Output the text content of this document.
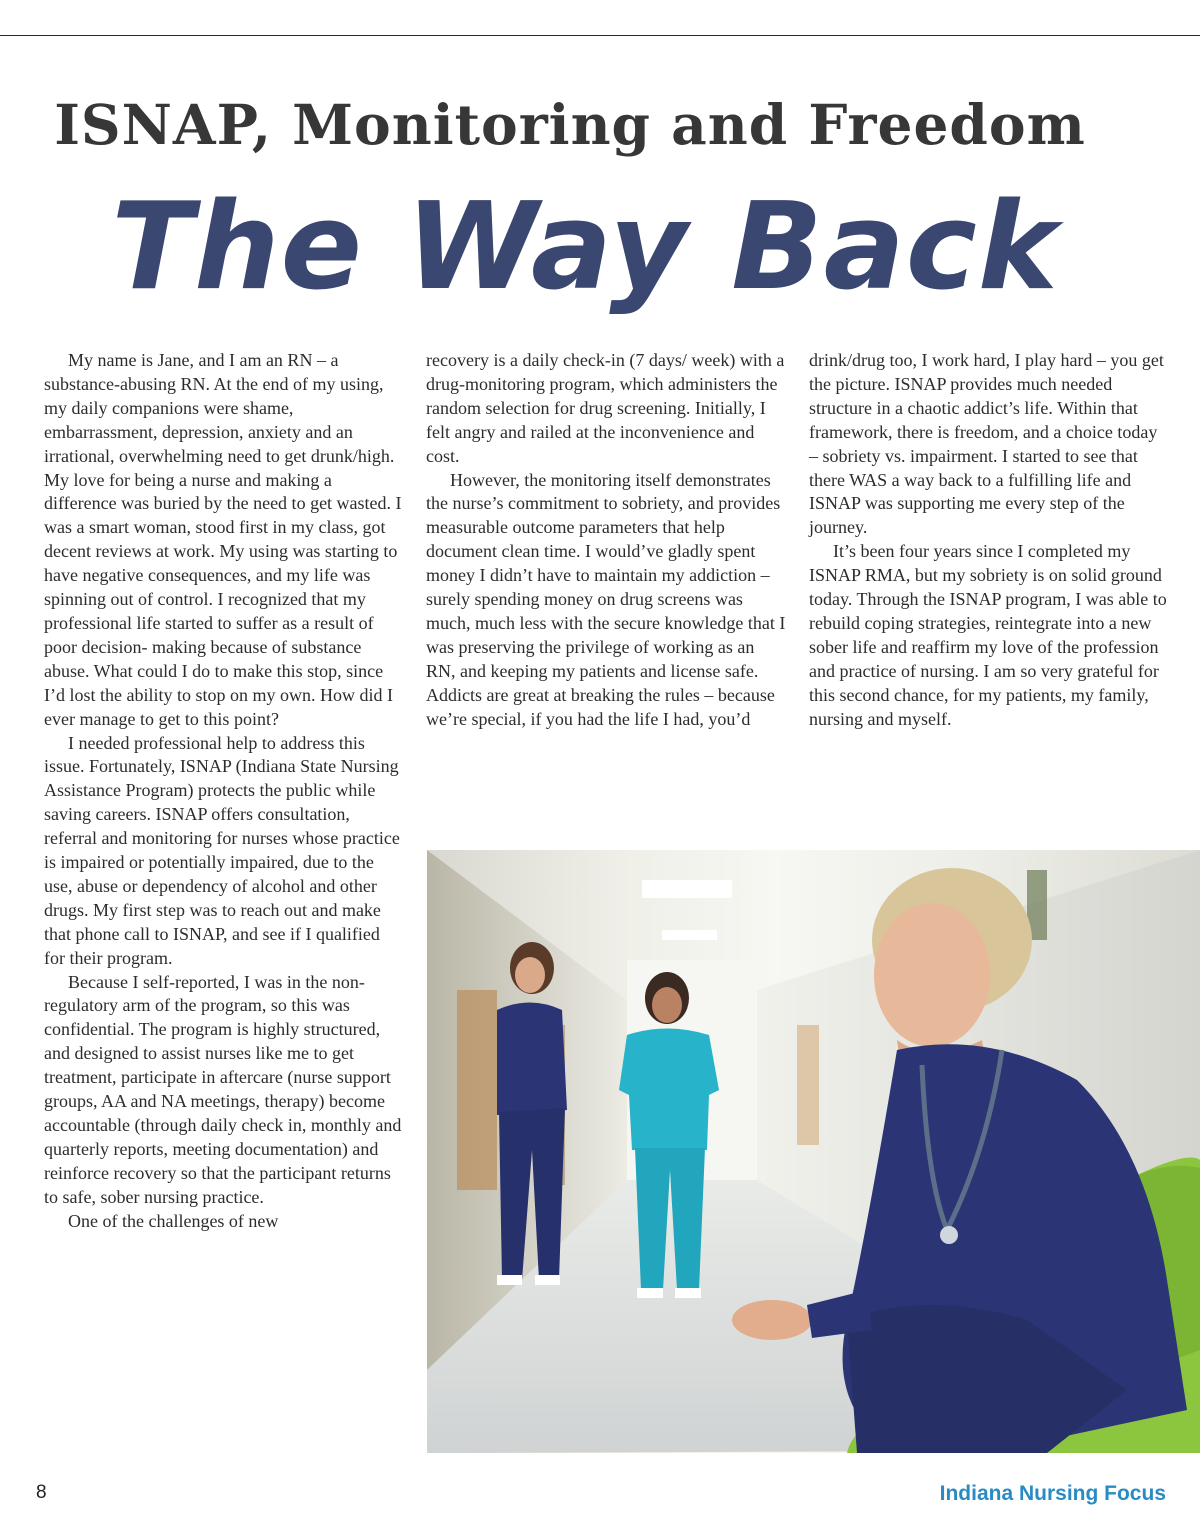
ISNAP, Monitoring and Freedom
The Way Back

My name is Jane, and I am an RN – a substance-abusing RN. At the end of my using, my daily companions were shame, embarrassment, depression, anxiety and an irrational, overwhelming need to get drunk/high. My love for being a nurse and making a difference was buried by the need to get wasted. I was a smart woman, stood first in my class, got decent reviews at work. My using was starting to have negative consequences, and my life was spinning out of control. I recognized that my professional life started to suffer as a result of poor decision- making because of substance abuse. What could I do to make this stop, since I’d lost the ability to stop on my own. How did I ever manage to get to this point?

I needed professional help to address this issue. Fortunately, ISNAP (Indiana State Nursing Assistance Program) protects the public while saving careers. ISNAP offers consultation, referral and monitoring for nurses whose practice is impaired or potentially impaired, due to the use, abuse or dependency of alcohol and other drugs. My first step was to reach out and make that phone call to ISNAP, and see if I qualified for their program.

Because I self-reported, I was in the non-regulatory arm of the program, so this was confidential. The program is highly structured, and designed to assist nurses like me to get treatment, participate in aftercare (nurse support groups, AA and NA meetings, therapy) become accountable (through daily check in, monthly and quarterly reports, meeting documentation) and reinforce recovery so that the participant returns to safe, sober nursing practice.

One of the challenges of new

recovery is a daily check-in (7 days/ week) with a drug-monitoring program, which administers the random selection for drug screening. Initially, I felt angry and railed at the inconvenience and cost.

However, the monitoring itself demonstrates the nurse’s commitment to sobriety, and provides measurable outcome parameters that help document clean time. I would’ve gladly spent money I didn’t have to maintain my addiction – surely spending money on drug screens was much, much less with the secure knowledge that I was preserving the privilege of working as an RN, and keeping my patients and license safe. Addicts are great at breaking the rules – because we’re special, if you had the life I had, you’d

drink/drug too, I work hard, I play hard – you get the picture. ISNAP provides much needed structure in a chaotic addict’s life. Within that framework, there is freedom, and a choice today – sobriety vs. impairment. I started to see that there WAS a way back to a fulfilling life and ISNAP was supporting me every step of the journey.

It’s been four years since I completed my ISNAP RMA, but my sobriety is on solid ground today. Through the ISNAP program, I was able to rebuild coping strategies, reintegrate into a new sober life and reaffirm my love of the profession and practice of nursing. I am so very grateful for this second chance, for my patients, my family, nursing and myself.

8	Indiana Nursing Focus
